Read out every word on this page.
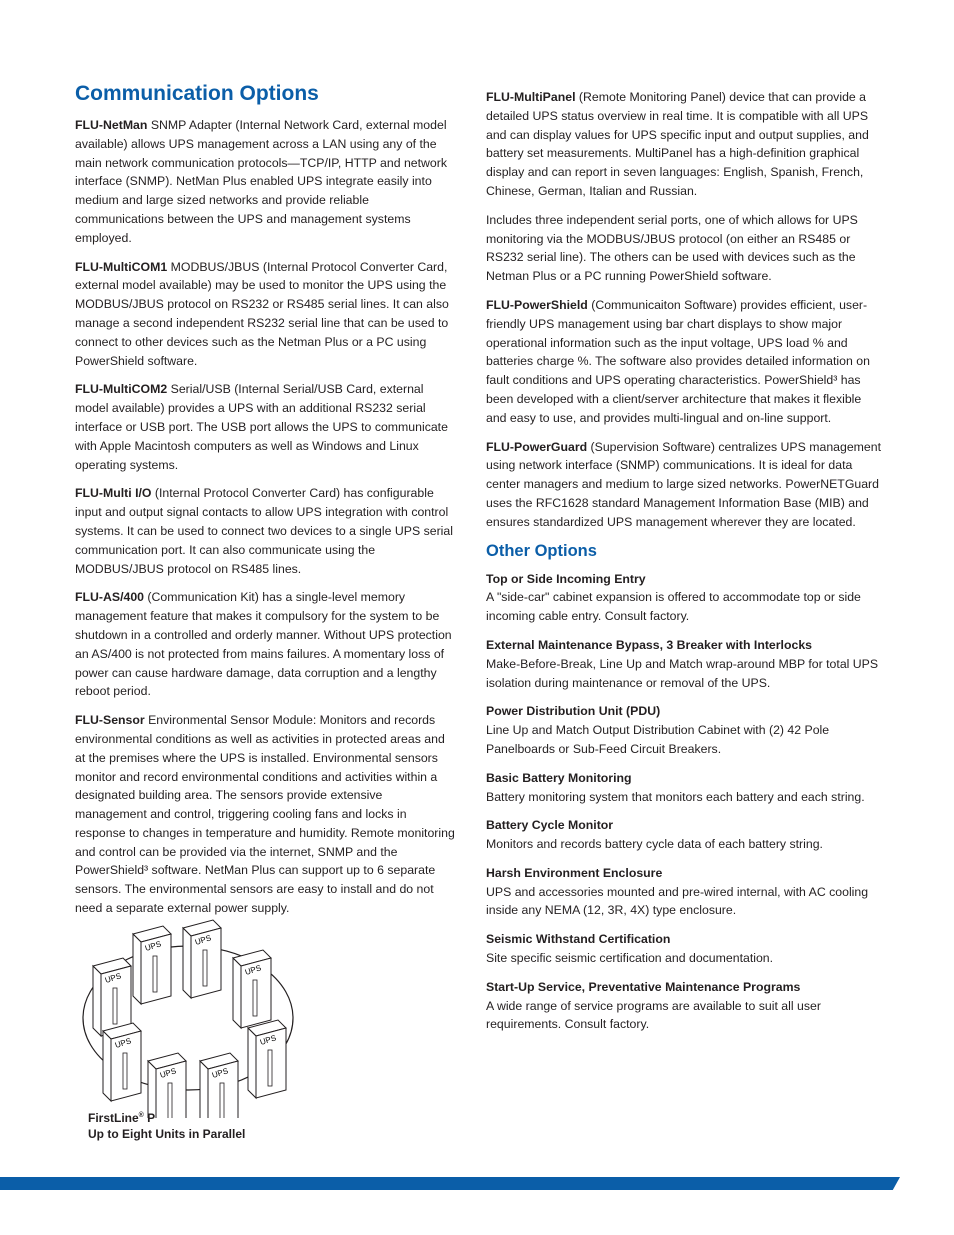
Communication Options

FLU-NetMan SNMP Adapter (Internal Network Card, external model available) allows UPS management across a LAN using any of the main network communication protocols—TCP/IP, HTTP and network interface (SNMP). NetMan Plus enabled UPS integrate easily into medium and large sized networks and provide reliable communications between the UPS and management systems employed.

FLU-MultiCOM1 MODBUS/JBUS (Internal Protocol Converter Card, external model available) may be used to monitor the UPS using the MODBUS/JBUS protocol on RS232 or RS485 serial lines. It can also manage a second independent RS232 serial line that can be used to connect to other devices such as the Netman Plus or a PC using PowerShield software.

FLU-MultiCOM2 Serial/USB (Internal Serial/USB Card, external model available) provides a UPS with an additional RS232 serial interface or USB port. The USB port allows the UPS to communicate with Apple Macintosh computers as well as Windows and Linux operating systems.

FLU-Multi I/O (Internal Protocol Converter Card) has configurable input and output signal contacts to allow UPS integration with control systems. It can be used to connect two devices to a single UPS serial communication port. It can also communicate using the MODBUS/JBUS protocol on RS485 lines.

FLU-AS/400 (Communication Kit) has a single-level memory management feature that makes it compulsory for the system to be shutdown in a controlled and orderly manner. Without UPS protection an AS/400 is not protected from mains failures. A momentary loss of power can cause hardware damage, data corruption and a lengthy reboot period.

FLU-Sensor Environmental Sensor Module: Monitors and records environmental conditions as well as activities in protected areas and at the premises where the UPS is installed. Environmental sensors monitor and record environmental conditions and activities within a designated building area. The sensors provide extensive management and control, triggering cooling fans and locks in response to changes in temperature and humidity. Remote monitoring and control can be provided via the internet, SNMP and the PowerShield³ software. NetMan Plus can support up to 6 separate sensors. The environmental sensors are easy to install and do not need a separate external power supply.

UPS	UPS
UPS
UPS
UPS
UPS	UPS
UPS
FirstLine® P
Up to Eight Units in Parallel

FLU-MultiPanel (Remote Monitoring Panel) device that can provide a detailed UPS status overview in real time. It is compatible with all UPS and can display values for UPS specific input and output supplies, and battery set measurements. MultiPanel has a high-definition graphical display and can report in seven languages: English, Spanish, French, Chinese, German, Italian and Russian.

Includes three independent serial ports, one of which allows for UPS monitoring via the MODBUS/JBUS protocol (on either an RS485 or RS232 serial line). The others can be used with devices such as the Netman Plus or a PC running PowerShield software.

FLU-PowerShield (Communicaiton Software) provides efficient, user-friendly UPS management using bar chart displays to show major operational information such as the input voltage, UPS load % and batteries charge %. The software also provides detailed information on fault conditions and UPS operating characteristics. PowerShield³ has been developed with a client/server architecture that makes it flexible and easy to use, and provides multi-lingual and on-line support.

FLU-PowerGuard (Supervision Software) centralizes UPS management using network interface (SNMP) communications. It is ideal for data center managers and medium to large sized networks. PowerNETGuard uses the RFC1628 standard Management Information Base (MIB) and ensures standardized UPS management wherever they are located.

Other Options
Top or Side Incoming Entry
A "side-car" cabinet expansion is offered to accommodate top or side incoming cable entry. Consult factory.
External Maintenance Bypass, 3 Breaker with Interlocks
Make-Before-Break, Line Up and Match wrap-around MBP for total UPS isolation during maintenance or removal of the UPS.
Power Distribution Unit (PDU)
Line Up and Match Output Distribution Cabinet with (2) 42 Pole Panelboards or Sub-Feed Circuit Breakers.
Basic Battery Monitoring
Battery monitoring system that monitors each battery and each string.
Battery Cycle Monitor
Monitors and records battery cycle data of each battery string.
Harsh Environment Enclosure
UPS and accessories mounted and pre-wired internal, with AC cooling inside any NEMA (12, 3R, 4X) type enclosure.
Seismic Withstand Certification
Site specific seismic certification and documentation.
Start-Up Service, Preventative Maintenance Programs
A wide range of service programs are available to suit all user requirements. Consult factory.
